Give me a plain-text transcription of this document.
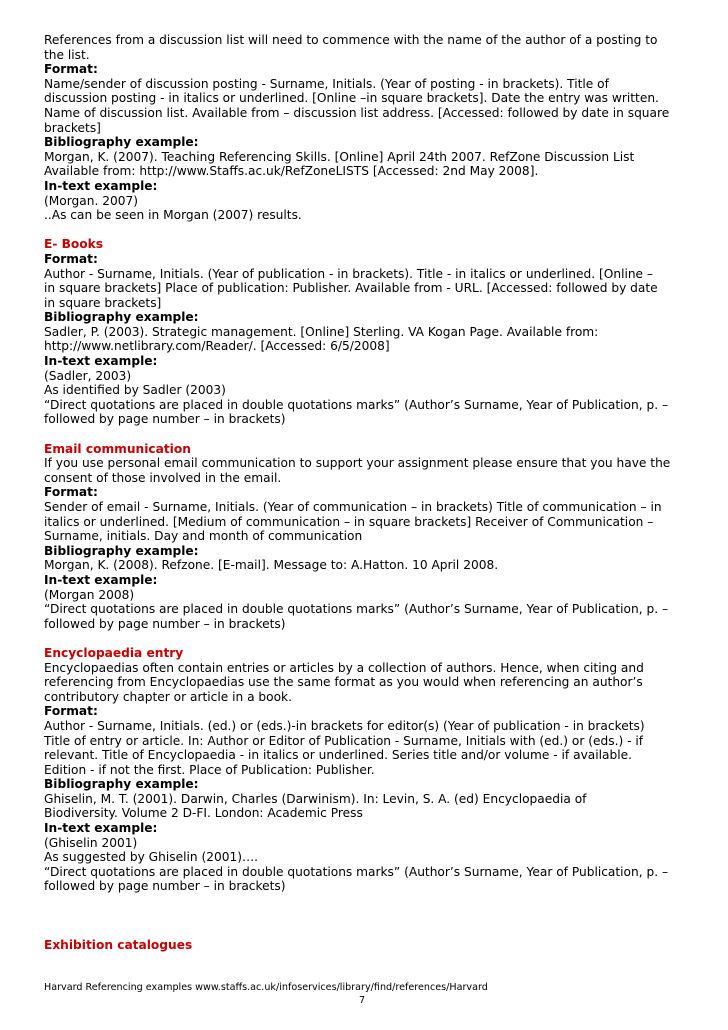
References from a discussion list will need to commence with the name of the author of a posting to
the list.
Format:
Name/sender of discussion posting - Surname, Initials. (Year of posting - in brackets). Title of
discussion posting - in italics or underlined. [Online –in square brackets]. Date the entry was written.
Name of discussion list. Available from – discussion list address. [Accessed: followed by date in square
brackets]
Bibliography example:
Morgan, K. (2007). Teaching Referencing Skills. [Online] April 24th 2007. RefZone Discussion List
Available from: http://www.Staffs.ac.uk/RefZoneLISTS [Accessed: 2nd May 2008].
In-text example:
(Morgan. 2007)
..As can be seen in Morgan (2007) results.
E- Books
Format:
Author - Surname, Initials. (Year of publication - in brackets). Title - in italics or underlined. [Online –
in square brackets] Place of publication: Publisher. Available from - URL. [Accessed: followed by date
in square brackets]
Bibliography example:
Sadler, P. (2003). Strategic management. [Online] Sterling. VA Kogan Page. Available from:
http://www.netlibrary.com/Reader/. [Accessed: 6/5/2008]
In-text example:
(Sadler, 2003)
As identified by Sadler (2003)
“Direct quotations are placed in double quotations marks” (Author’s Surname, Year of Publication, p. –
followed by page number – in brackets)
Email communication
If you use personal email communication to support your assignment please ensure that you have the
consent of those involved in the email.
Format:
Sender of email - Surname, Initials. (Year of communication – in brackets) Title of communication – in
italics or underlined. [Medium of communication – in square brackets] Receiver of Communication –
Surname, initials. Day and month of communication
Bibliography example:
Morgan, K. (2008). Refzone. [E-mail]. Message to: A.Hatton. 10 April 2008.
In-text example:
(Morgan 2008)
“Direct quotations are placed in double quotations marks” (Author’s Surname, Year of Publication, p. –
followed by page number – in brackets)
Encyclopaedia entry
Encyclopaedias often contain entries or articles by a collection of authors. Hence, when citing and
referencing from Encyclopaedias use the same format as you would when referencing an author’s
contributory chapter or article in a book.
Format:
Author - Surname, Initials. (ed.) or (eds.)-in brackets for editor(s) (Year of publication - in brackets)
Title of entry or article. In: Author or Editor of Publication - Surname, Initials with (ed.) or (eds.) - if
relevant. Title of Encyclopaedia - in italics or underlined. Series title and/or volume - if available.
Edition - if not the first. Place of Publication: Publisher.
Bibliography example:
Ghiselin, M. T. (2001). Darwin, Charles (Darwinism). In: Levin, S. A. (ed) Encyclopaedia of
Biodiversity. Volume 2 D-FI. London: Academic Press
In-text example:
(Ghiselin 2001)
As suggested by Ghiselin (2001)….
“Direct quotations are placed in double quotations marks” (Author’s Surname, Year of Publication, p. –
followed by page number – in brackets)
Exhibition catalogues
Harvard Referencing examples www.staffs.ac.uk/infoservices/library/find/references/Harvard
7
